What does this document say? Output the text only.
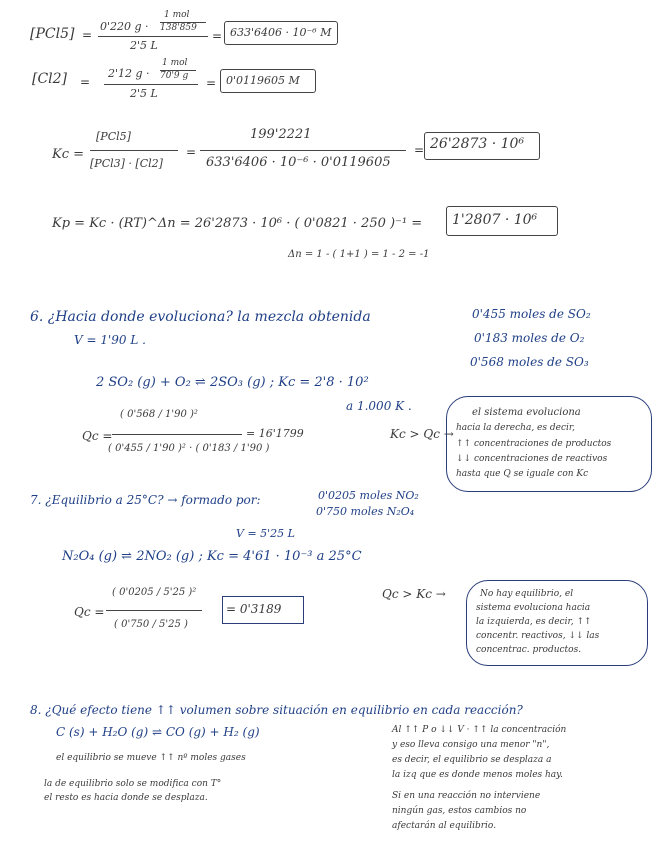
[PCl5] =
0'220 g ·
1 mol
138'859
2'5 L
= 633'6406 · 10⁻⁶ M
[Cl2] =
2'12 g ·
1 mol
70'9 g
2'5 L
= 0'0119605 M
Kc =
[PCl5]
[PCl3] · [Cl2]
=
199'2221
633'6406 · 10⁻⁶ · 0'0119605
= 26'2873 · 10⁶
Kp = Kc · (RT)^Δn = 26'2873 · 10⁶ · ( 0'0821 · 250 )⁻¹ = 1'2807 · 10⁶
Δn = 1 - ( 1+1 ) = 1 - 2 = -1
6. ¿Hacia donde evoluciona? la mezcla obtenida	0'455 moles de SO₂
0'183 moles de O₂
0'568 moles de SO₃
V = 1'90 L .
2 SO₂ (g) + O₂ ⇌ 2SO₃ (g) ; Kc = 2'8 · 10²
a 1.000 K .
Qc =
( 0'568 / 1'90 )²
( 0'455 / 1'90 )² · ( 0'183 / 1'90 )
= 16'1799	Kc > Qc →
el sistema evoluciona
hacia la derecha, es decir,
↑↑ concentraciones de productos
↓↓ concentraciones de reactivos
hasta que Q se iguale con Kc
7. ¿Equilibrio a 25°C? → formado por:	0'0205 moles NO₂
0'750 moles N₂O₄
V = 5'25 L
N₂O₄ (g) ⇌ 2NO₂ (g) ; Kc = 4'61 · 10⁻³ a 25°C
Qc =
( 0'0205 / 5'25 )²
( 0'750 / 5'25 )
= 0'3189
Qc > Kc →	No hay equilibrio, el
sistema evoluciona hacia
la izquierda, es decir, ↑↑
concentr. reactivos, ↓↓ las
concentrac. productos.
8. ¿Qué efecto tiene ↑↑ volumen sobre situación en equilibrio en cada reacción?
C (s) + H₂O (g) ⇌ CO (g) + H₂ (g)
el equilibrio se mueve ↑↑ nº moles gases
la de equilibrio solo se modifica con T°
el resto es hacia donde se desplaza.
Al ↑↑ P o ↓↓ V · ↑↑ la concentración
y eso lleva consigo una menor "n",
es decir, el equilibrio se desplaza a
la izq que es donde menos moles hay.
Si en una reacción no interviene
ningún gas, estos cambios no
afectarán al equilibrio.
